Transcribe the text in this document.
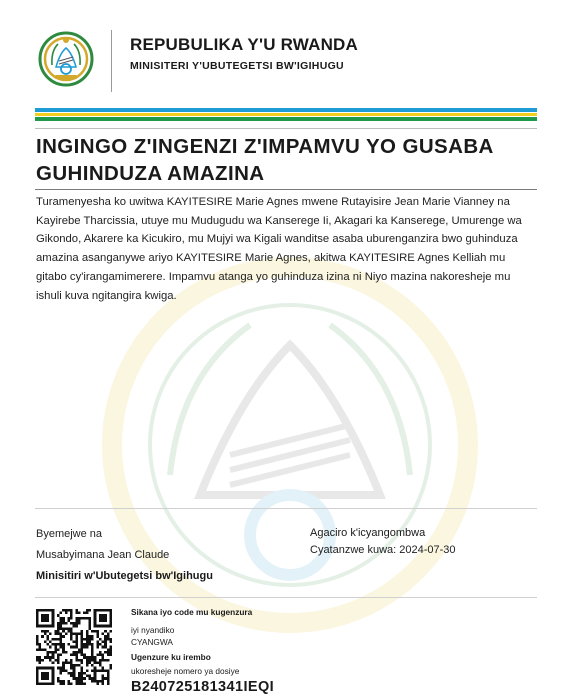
REPUBULIKA Y'U RWANDA
MINISITERI Y'UBUTEGETSI BW'IGIHUGU
INGINGO Z'INGENZI Z'IMPAMVU YO GUSABA GUHINDUZA AMAZINA
Turamenyesha ko uwitwa KAYITESIRE Marie Agnes mwene Rutayisire Jean Marie Vianney na Kayirebe Tharcissia, utuye mu Mudugudu wa Kanserege Ii, Akagari ka Kanserege, Umurenge wa Gikondo, Akarere ka Kicukiro, mu Mujyi wa Kigali wanditse asaba uburenganzira bwo guhinduza amazina asanganywe ariyo KAYITESIRE Marie Agnes, akitwa KAYITESIRE Agnes Kelliah mu gitabo cy'irangamimerere. Impamvu atanga yo guhinduza izina ni Niyo mazina nakoresheje mu ishuli kuva ngitangira kwiga.
Byemejwe na
Musabyimana Jean Claude
Minisitiri w'Ubutegetsi bw'Igihugu
Agaciro k'icyangombwa
Cyatanzwe kuwa: 2024-07-30
Sikana iyo code mu kugenzura
iyi nyandiko
CYANGWA
Ugenzure ku irembo
ukoresheje nomero ya dosiye
B240725181341IEQI
